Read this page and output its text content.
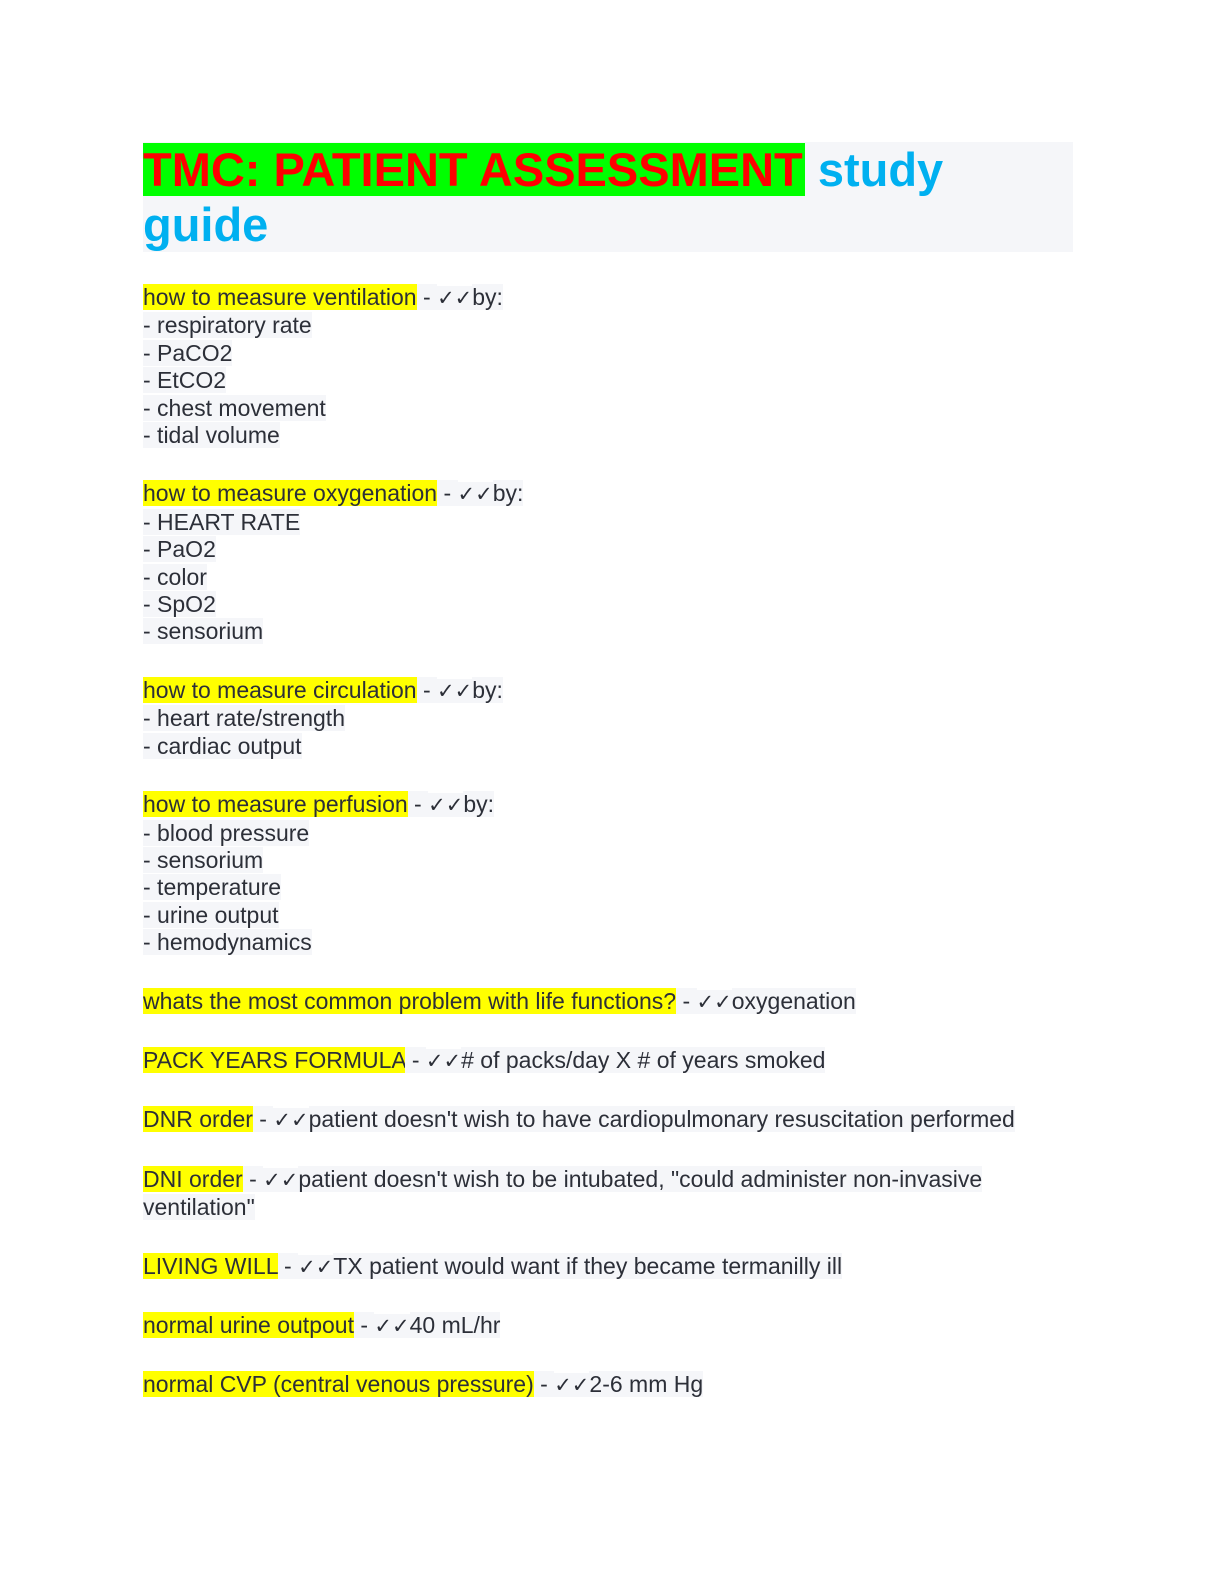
TMC: PATIENT ASSESSMENT study guide
how to measure ventilation - ✓✓by:
- respiratory rate
- PaCO2
- EtCO2
- chest movement
- tidal volume
how to measure oxygenation - ✓✓by:
- HEART RATE
- PaO2
- color
- SpO2
- sensorium
how to measure circulation - ✓✓by:
- heart rate/strength
- cardiac output
how to measure perfusion - ✓✓by:
- blood pressure
- sensorium
- temperature
- urine output
- hemodynamics
whats the most common problem with life functions? - ✓✓oxygenation
PACK YEARS FORMULA - ✓✓# of packs/day X # of years smoked
DNR order - ✓✓patient doesn't wish to have cardiopulmonary resuscitation performed
DNI order - ✓✓patient doesn't wish to be intubated, "could administer non-invasive
ventilation"
LIVING WILL - ✓✓TX patient would want if they became termanilly ill
normal urine outpout - ✓✓40 mL/hr
normal CVP (central venous pressure) - ✓✓2-6 mm Hg
